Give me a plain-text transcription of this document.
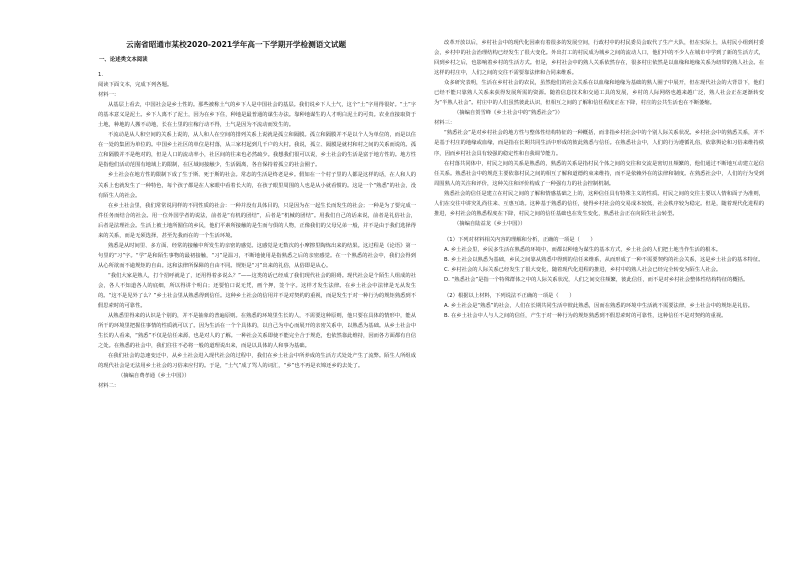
云南省昭通市某校2020-2021学年高一下学期开学检测语文试题
一、论述类文本阅读

1.

阅读下面文本，完成下列各题。

材料一：

从基层上看去，中国社会是乡土性的。那些被称土气的乡下人是中国社会的基层。我们说乡下人土气，这个“土”字用得很好。“土”字的基本意义是泥土。乡下人离不了泥土，因为在乡下住，种地是最普通的谋生办法。靠种地谋生的人才明白泥土的可贵。农业直接取资于土地，种地的人搬不动地，长在土里的庄稼行动不得，土气是因为不流动而发生的。

不流动是从人和空间的关系上说的，从人和人在空间的排列关系上说就是孤立和隔膜。孤立和隔膜并不是以个人为单位的，而是以住在一处的集团为单位的。中国乡土社区的单位是村落，从三家村起到几千户的大村。我说，孤立、隔膜是就村和村之间的关系而说的。孤立和隔膜并不是绝对的，但是人口的流动率小，社区间的往来也必然疏少。我想我们很可以说，乡土社会的生活是富于地方性的。地方性是指他们活动范围有地域上的限制，在区域间接触少，生活隔离，各自保持着孤立的社会圈子。

乡土社会在地方性的限制下成了生于斯、死于斯的社会。常态的生活是终老是乡。假如在一个村子里的人都是这样的话，在人和人的关系上也就发生了一种特色，每个孩子都是在人家眼中看着长大的，在孩子眼里周围的人也是从小就看惯的。这是一个“熟悉”的社会，没有陌生人的社会。

在乡土社会里，我们常常说同样的不同性质的社会：一种并没有具体目的，只是因为在一起生长而发生的社会；一种是为了要完成一件任务而结合的社会。用一位外国学者的说法，前者是“有机的团结”，后者是“机械的团结”。用我们自己的话来说，前者是礼俗社会，后者是法理社会。生活上被土地所囿住的乡民，他们平素所接触的是生而与俱的人物，正像我们的父母兄弟一般，并不是由于我们选择得来的关系，而是无须选择，甚至先我而在的一个生活环境。

熟悉是从时间里、多方面、经常的接触中所发生的亲密的感觉。这感觉是无数次的小摩擦里陶炼出来的结果。这过程是《论语》第一句里的“习”字。“学”是和陌生事物的最初接触，“习”是温习，不断地使用是指熟悉之后的亲密感觉。在一个熟悉的社会中，我们会得到从心所欲而不逾规矩的自由。这和法律所保障的自由不同。规矩是“习”出来的礼俗，从俗即是从心。

“我们大家是熟人，打个招呼就是了，还用得着多说么？”——这类的话已经成了我们现代社会的阻碍。现代社会是个陌生人组成的社会，各人不知道各人的底细，所以得讲个明白；还要怕口说无凭，画个押，签个字。这样才发生法律。在乡土社会中法律是无从发生的。“这不是见外了么？”乡土社会里从熟悉得到信任。这种乡土社会的信用并不是对契约的重视，而是发生于对一种行为的规矩熟悉到不假思索时的可靠性。

从熟悉里得来的认识是个别的，并不是抽象的普遍原则。在熟悉的环境里生长的人，不需要这种原则，他只要在具体的情形中，能从所干的环境里把握住事情的性质就可以了。因为生活在一个个具体的，以自己为中心而展开的亲密关系中，以熟悉为基础。从乡土社会中生长的人看来，“熟悉”不仅是信任来源，也是对人的了解。一种社会关系即使不能完全合于规范，也依然靠此维持，因而各方面都有自信之处。在熟悉的社会中，我们往往不必将一般的道理说出来，而是以具体的人和事为基础。

在我们社会的急速变迁中，从乡土社会进入现代社会的过程中，我们在乡土社会中所养成的生活方式处处产生了流弊。陌生人所组成的现代社会是无法用乡土社会的习俗来应付的。于是，“土气”成了骂人的词汇，“乡”也不再是衣锦还乡的去处了。

（摘编自费孝通《乡土中国》）

材料二：

改革开放以后，乡村社会中的现代化因素有着很多的发展空间，行政村中的村民委员会取代了生产大队，但在实际上，从村民小组到村委会，乡村中的社会治理结构已经发生了很大变化。外出打工的村民成为城乡之间的流动人口，他们中的不少人在城市中学到了新的生活方式，回到乡村之后，也影响着乡村的生活方式。但是，乡村社会中的熟人关系依然存在，很多村庄依然是以血缘和地缘关系为纽带的熟人社会。在这样的村庄中，人们之间的交往不需要靠法律和合同来维系。

众多研究表明，生活在乡村社会的农民，虽然他们的社会关系在以血缘和地缘为基础的熟人圈子中展开，但在现代社会的大背景下，他们已经不能只靠熟人关系来获得发展所需的资源。随着信息技术和交通工具的发展，乡村的人际网络也越来越广泛，熟人社会正在逐渐转变为“半熟人社会”。村庄中的人们虽然彼此认识，但相互之间的了解和信任程度正在下降，村庄的公共生活也在不断萎缩。

（摘编自贺雪峰《乡土社会中的“熟悉社会”》）

材料三：

“熟悉社会”是对乡村社会的地方性与整体性结构特征的一种概括，而非指乡村社会中的个别人际关系状况。乡村社会中的熟悉关系，并不是基于村庄的地缘或血缘，而是指在长期共同生活中形成的彼此熟悉与信任。在熟悉社会中，人们的行为遵循礼俗，依靠舆论和习俗来维持秩序，因而乡村社会具有较强的稳定性和自我调节能力。

在村落共同体中，村民之间的关系是熟悉的，熟悉的关系是指村民个体之间的交往和交流是密切且频繁的，他们通过不断地互动建立起信任关系。熟悉社会中的规范主要依靠村民之间的相互了解和道德约束来维持，而不是依赖外在的法律和制度。在熟悉社会中，人们的行为受到周围熟人的关注和评价，这种关注和评价构成了一种强有力的社会控制机制。

熟悉社会的信任是建立在村民之间的了解和情感基础之上的，这种信任具有特殊主义的性质。村民之间的交往主要以人情和面子为准则，人们在交往中讲究礼尚往来、互惠互助。这种基于熟悉的信任，使得乡村社会的交易成本较低，社会秩序较为稳定。但是，随着现代化进程的推进，乡村社会的熟悉程度在下降，村民之间的信任基础也在发生变化，熟悉社会正在向陌生社会转型。

（摘编自陆益龙《乡土中国》）

（1）下列对材料相关内容的理解和分析，正确的一项是（　　）

A. 乡土社会里，乡民多生活在熟悉的环境中，而都以种地为谋生的基本方式，乡土社会的人们把土地当作生活的根本。

B. 乡土社会以熟悉为基础，乡民之间靠从熟悉中得到的信任来维系，从而形成了一种不需要契约的社会关系，这是乡土社会的基本特征。

C. 乡村社会的人际关系已经发生了很大变化，随着现代化进程的推进，乡村中的熟人社会已经完全转变为陌生人社会。

D. “熟悉社会”是指一个特殊群体之中的人际关系状况，人们之间交往频繁，彼此信任，而不是对乡村社会整体性结构特征的概括。

（2）根据以上材料，下列说法不正确的一项是（　　）

A. 乡土社会是“熟悉”的社会，人们在长期共同生活中彼此熟悉，因而在熟悉的环境中生活就不需要法律，乡土社会中的规矩是礼俗。

B. 在乡土社会中人与人之间的信任，产生于对一种行为的规矩熟悉到不假思索时的可靠性，这种信任不是对契约的重视。
